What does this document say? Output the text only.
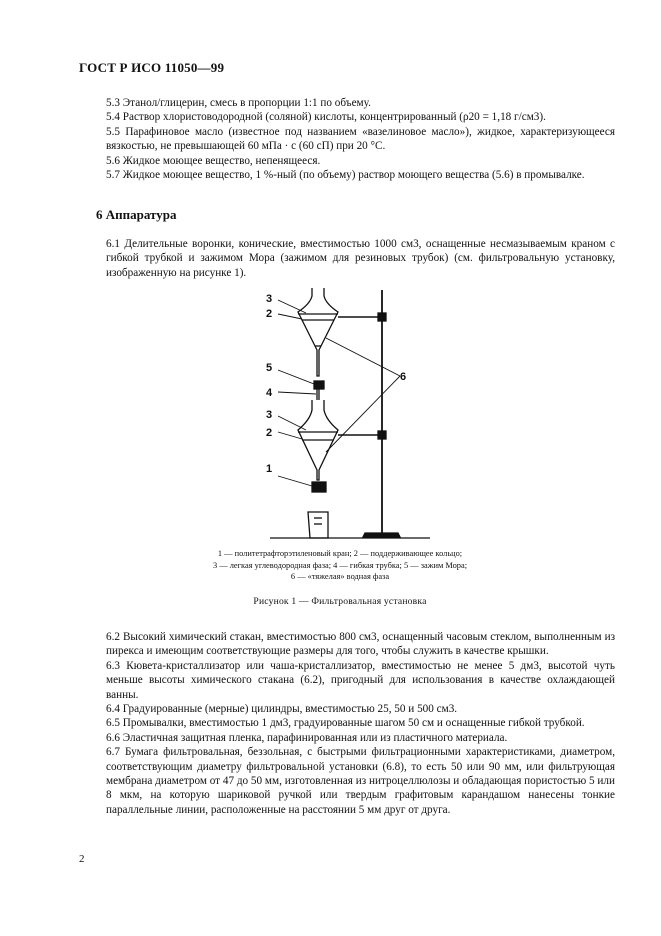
ГОСТ Р ИСО 11050—99
5.3 Этанол/глицерин, смесь в пропорции 1:1 по объему.
5.4 Раствор хлористоводородной (соляной) кислоты, концентрированный (ρ20 = 1,18 г/см3).
5.5 Парафиновое масло (известное под названием «вазелиновое масло»), жидкое, характеризующееся вязкостью, не превышающей 60 мПа · с (60 сП) при 20 °С.
5.6 Жидкое моющее вещество, непенящееся.
5.7 Жидкое моющее вещество, 1 %-ный (по объему) раствор моющего вещества (5.6) в промывалке.
6 Аппаратура
6.1 Делительные воронки, конические, вместимостью 1000 см3, оснащенные несмазываемым краном с гибкой трубкой и зажимом Мора (зажимом для резиновых трубок) (см. фильтровальную установку, изображенную на рисунке 1).
3
2
5
4
3
2
1
6
1 — политетрафторэтиленовый кран; 2 — поддерживающее кольцо;
3 — легкая углеводородная фаза; 4 — гибкая трубка; 5 — зажим Мора;
6 — «тяжелая» водная фаза
Рисунок 1 — Фильтровальная установка
6.2 Высокий химический стакан, вместимостью 800 см3, оснащенный часовым стеклом, выполненным из пирекса и имеющим соответствующие размеры для того, чтобы служить в качестве крышки.
6.3 Кювета-кристаллизатор или чаша-кристаллизатор, вместимостью не менее 5 дм3, высотой чуть меньше высоты химического стакана (6.2), пригодный для использования в качестве охлаждающей ванны.
6.4 Градуированные (мерные) цилиндры, вместимостью 25, 50 и 500 см3.
6.5 Промывалки, вместимостью 1 дм3, градуированные шагом 50 см и оснащенные гибкой трубкой.
6.6 Эластичная защитная пленка, парафинированная или из пластичного материала.
6.7 Бумага фильтровальная, беззольная, с быстрыми фильтрационными характеристиками, диаметром, соответствующим диаметру фильтровальной установки (6.8), то есть 50 или 90 мм, или фильтрующая мембрана диаметром от 47 до 50 мм, изготовленная из нитроцеллюлозы и обладающая пористостью 5 или 8 мкм, на которую шариковой ручкой или твердым графитовым карандашом нанесены тонкие параллельные линии, расположенные на расстоянии 5 мм друг от друга.
2
